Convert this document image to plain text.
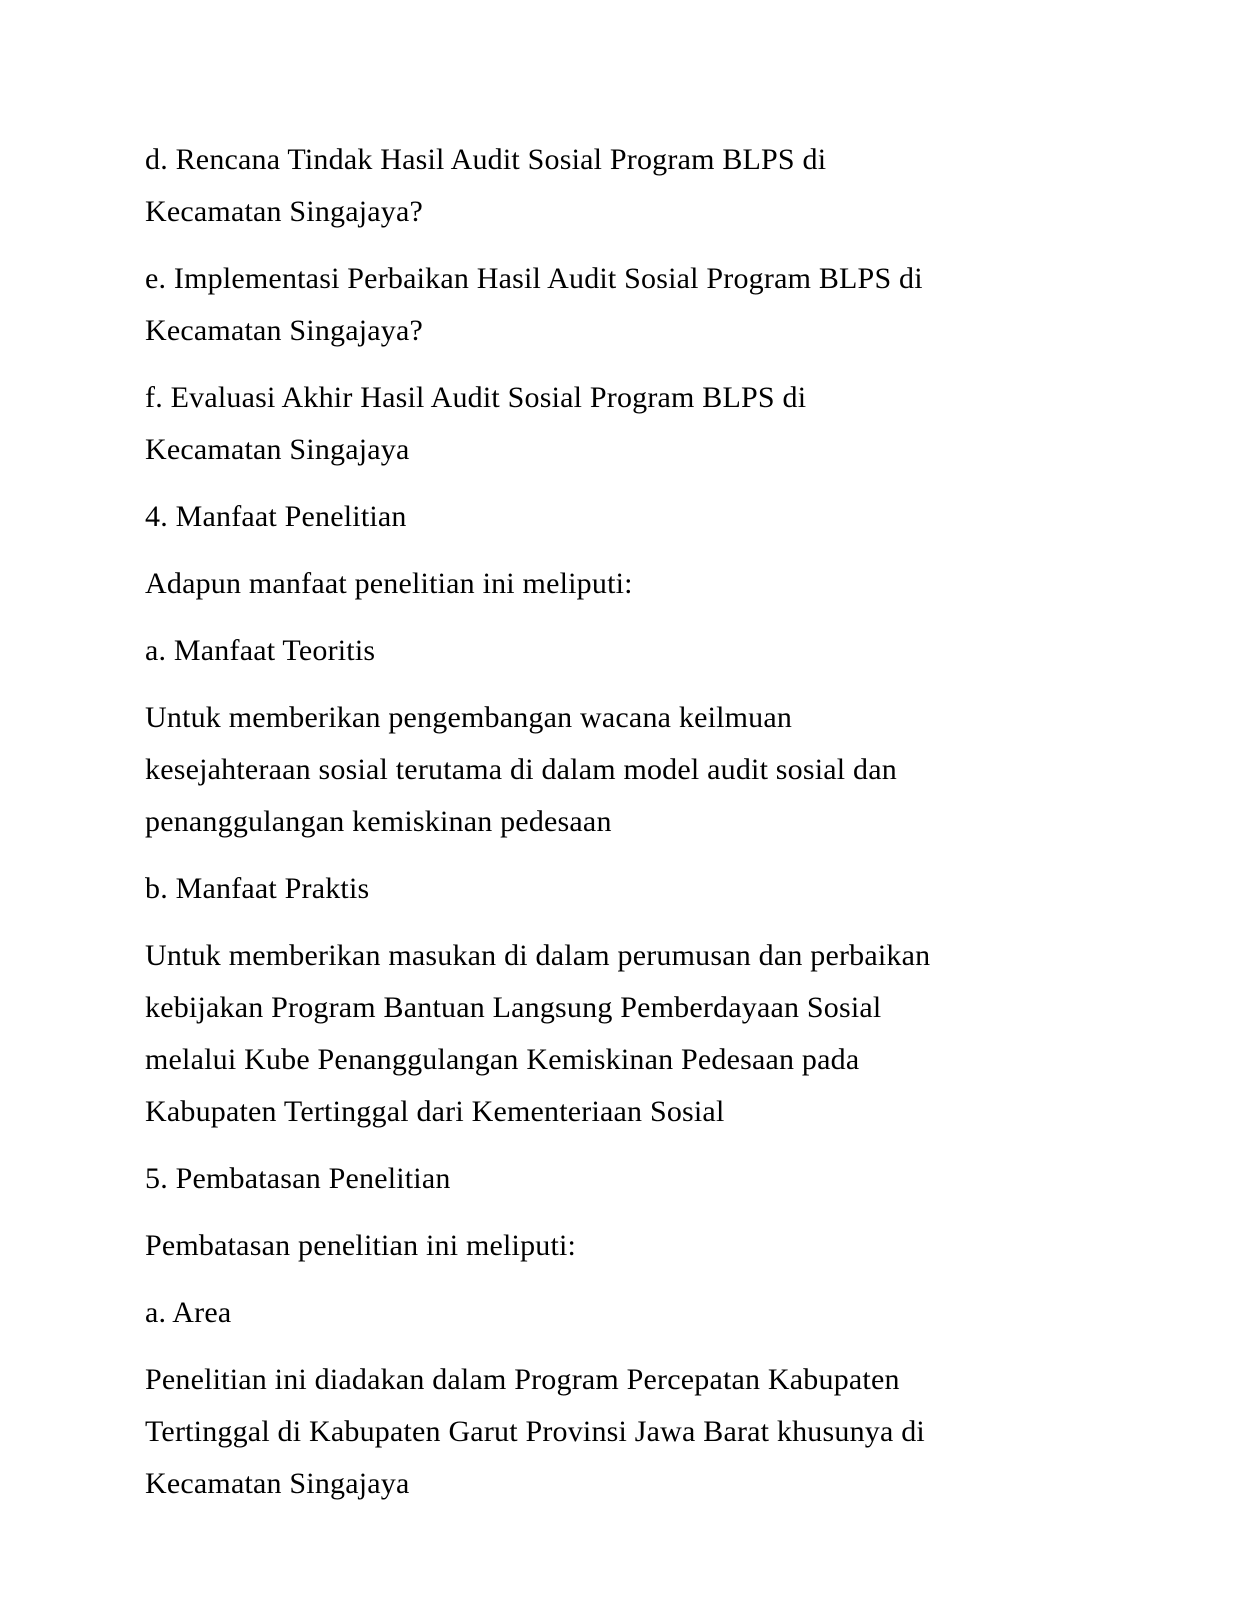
d. Rencana Tindak Hasil Audit Sosial Program BLPS di
Kecamatan Singajaya?

e. Implementasi Perbaikan Hasil Audit Sosial Program BLPS di
Kecamatan Singajaya?

f. Evaluasi Akhir Hasil Audit Sosial Program BLPS di
Kecamatan Singajaya

4. Manfaat Penelitian

Adapun manfaat penelitian ini meliputi:

a. Manfaat Teoritis

Untuk memberikan pengembangan wacana keilmuan
kesejahteraan sosial terutama di dalam model audit sosial dan
penanggulangan kemiskinan pedesaan

b. Manfaat Praktis

Untuk memberikan masukan di dalam perumusan dan perbaikan
kebijakan Program Bantuan Langsung Pemberdayaan Sosial
melalui Kube Penanggulangan Kemiskinan Pedesaan pada
Kabupaten Tertinggal dari Kementeriaan Sosial

5. Pembatasan Penelitian

Pembatasan penelitian ini meliputi:

a. Area

Penelitian ini diadakan dalam Program Percepatan Kabupaten
Tertinggal di Kabupaten Garut Provinsi Jawa Barat khusunya di
Kecamatan Singajaya
